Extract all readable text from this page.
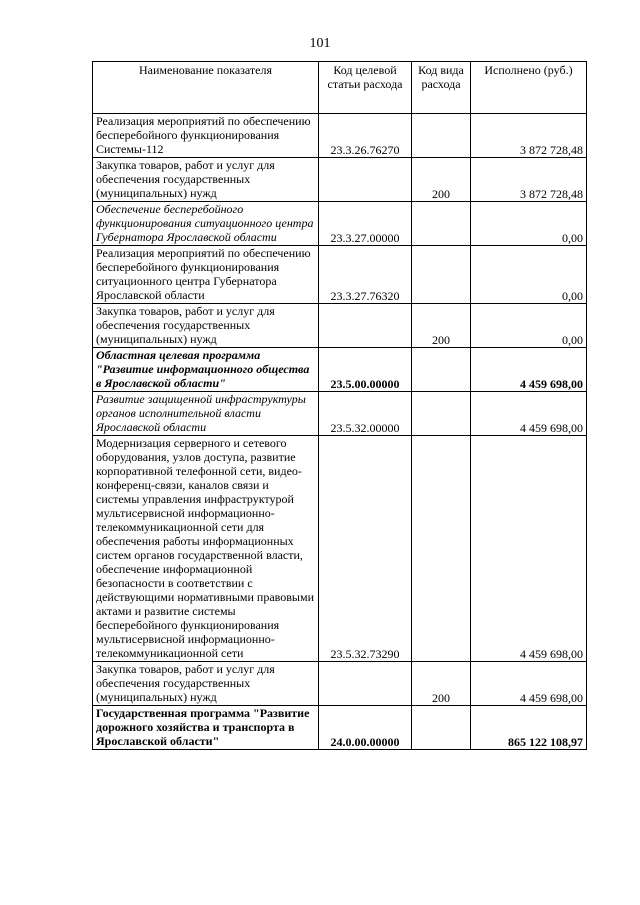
101
Наименование показателя	Код целевой статьи расхода	Код вида расхода	Исполнено (руб.)
Реализация мероприятий по обеспечению бесперебойного функционирования Системы-112	23.3.26.76270		3 872 728,48
Закупка товаров, работ и услуг для обеспечения государственных (муниципальных) нужд		200	3 872 728,48
Обеспечение бесперебойного функционирования ситуационного центра Губернатора Ярославской области	23.3.27.00000		0,00
Реализация мероприятий по обеспечению бесперебойного функционирования ситуационного центра Губернатора Ярославской области	23.3.27.76320		0,00
Закупка товаров, работ и услуг для обеспечения государственных (муниципальных) нужд		200	0,00
Областная целевая программа "Развитие информационного общества в Ярославской области"	23.5.00.00000		4 459 698,00
Развитие защищенной инфраструктуры органов исполнительной власти Ярославской области	23.5.32.00000		4 459 698,00
Модернизация серверного и сетевого оборудования, узлов доступа, развитие корпоративной телефонной сети, видео-конференц-связи, каналов связи и системы управления инфраструктурой мультисервисной информационно-телекоммуникационной сети для обеспечения работы информационных систем органов государственной власти, обеспечение информационной безопасности в соответствии с действующими нормативными правовыми актами и развитие системы бесперебойного функционирования мультисервисной информационно-телекоммуникационной сети	23.5.32.73290		4 459 698,00
Закупка товаров, работ и услуг для обеспечения государственных (муниципальных) нужд		200	4 459 698,00
Государственная программа "Развитие дорожного хозяйства и транспорта в Ярославской области"	24.0.00.00000		865 122 108,97
